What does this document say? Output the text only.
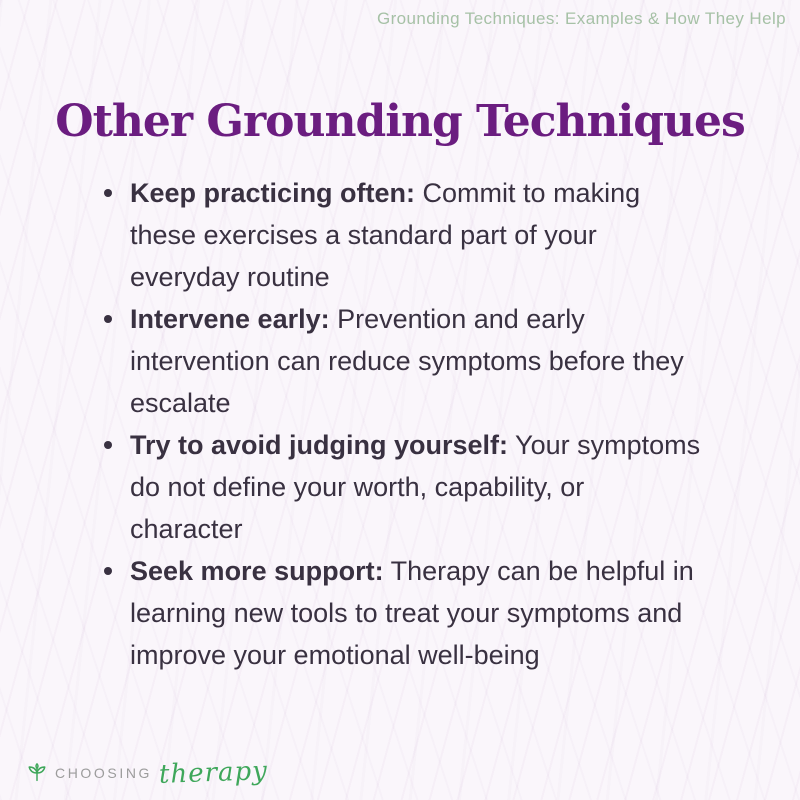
Grounding Techniques: Examples & How They Help
Other Grounding Techniques

Keep practicing often: Commit to making these exercises a standard part of your everyday routine

Intervene early: Prevention and early intervention can reduce symptoms before they escalate

Try to avoid judging yourself: Your symptoms do not define your worth, capability, or character

Seek more support: Therapy can be helpful in learning new tools to treat your symptoms and improve your emotional well-being

CHOOSING therapy
